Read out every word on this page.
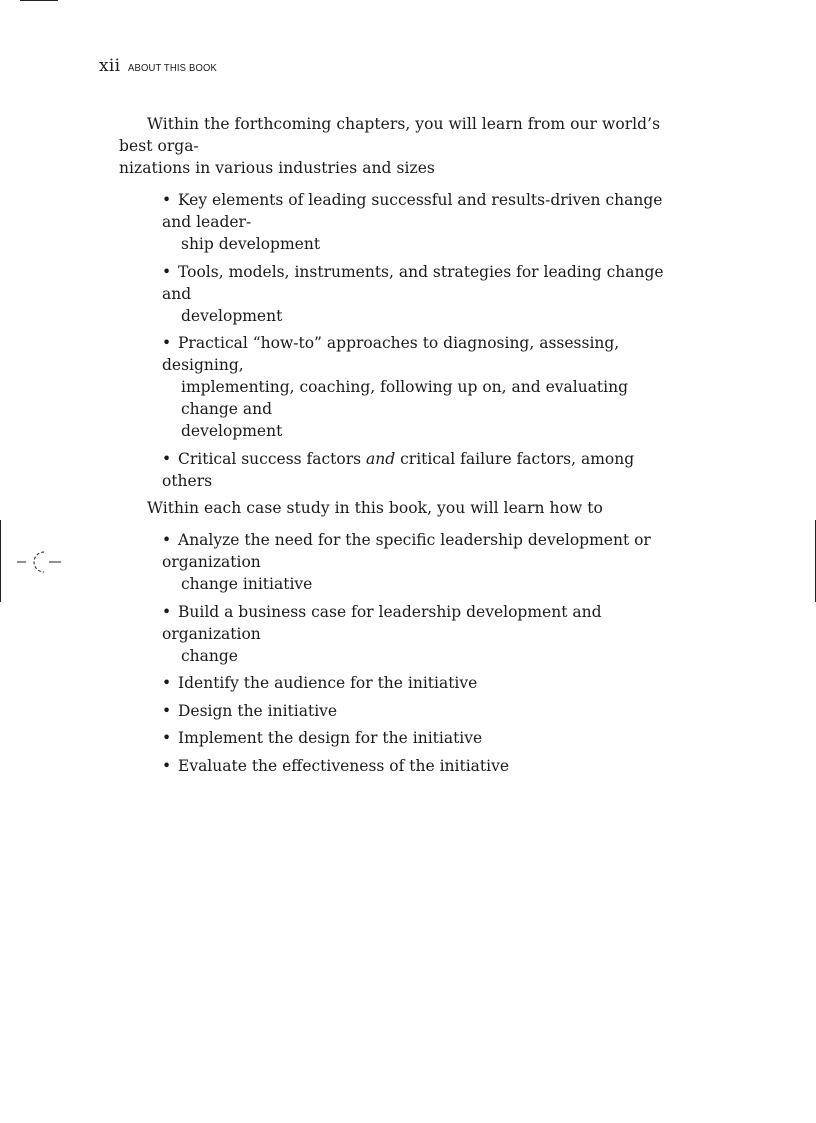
xii ABOUT THIS BOOK

Within the forthcoming chapters, you will learn from our world’s best orga-
nizations in various industries and sizes

• Key elements of leading successful and results-driven change and leader-
ship development
• Tools, models, instruments, and strategies for leading change and
development
• Practical “how-to” approaches to diagnosing, assessing, designing,
implementing, coaching, following up on, and evaluating change and
development
• Critical success factors and critical failure factors, among others

Within each case study in this book, you will learn how to

• Analyze the need for the specific leadership development or organization
change initiative
• Build a business case for leadership development and organization
change
• Identify the audience for the initiative
• Design the initiative
• Implement the design for the initiative
• Evaluate the effectiveness of the initiative
